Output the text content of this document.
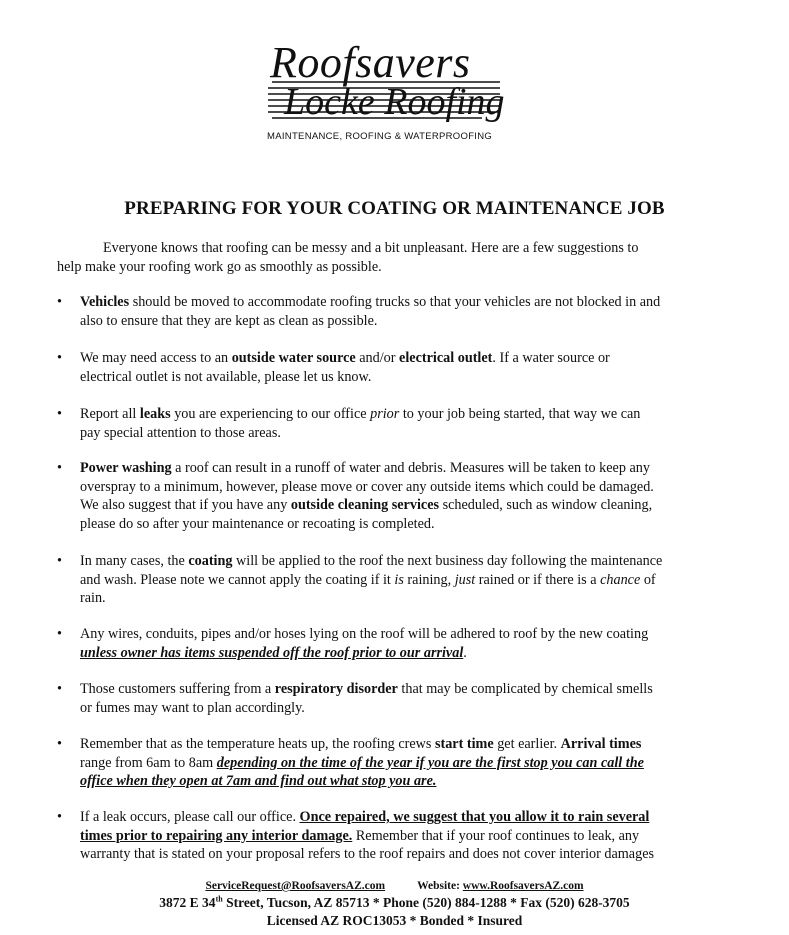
Roofsavers
Locke Roofing
MAINTENANCE, ROOFING & WATERPROOFING
PREPARING FOR YOUR COATING OR MAINTENANCE JOB
Everyone knows that roofing can be messy and a bit unpleasant. Here are a few suggestions to
help make your roofing work go as smoothly as possible.
•	Vehicles should be moved to accommodate roofing trucks so that your vehicles are not blocked in and
also to ensure that they are kept as clean as possible.
•	We may need access to an outside water source and/or electrical outlet. If a water source or
electrical outlet is not available, please let us know.
•	Report all leaks you are experiencing to our office prior to your job being started, that way we can
pay special attention to those areas.
•	Power washing a roof can result in a runoff of water and debris. Measures will be taken to keep any
overspray to a minimum, however, please move or cover any outside items which could be damaged.
We also suggest that if you have any outside cleaning services scheduled, such as window cleaning,
please do so after your maintenance or recoating is completed.
•	In many cases, the coating will be applied to the roof the next business day following the maintenance
and wash. Please note we cannot apply the coating if it is raining, just rained or if there is a chance of
rain.
•	Any wires, conduits, pipes and/or hoses lying on the roof will be adhered to roof by the new coating
unless owner has items suspended off the roof prior to our arrival.
•	Those customers suffering from a respiratory disorder that may be complicated by chemical smells
or fumes may want to plan accordingly.
•	Remember that as the temperature heats up, the roofing crews start time get earlier. Arrival times
range from 6am to 8am depending on the time of the year if you are the first stop you can call the
office when they open at 7am and find out what stop you are.
•	If a leak occurs, please call our office. Once repaired, we suggest that you allow it to rain several
times prior to repairing any interior damage. Remember that if your roof continues to leak, any
warranty that is stated on your proposal refers to the roof repairs and does not cover interior damages
ServiceRequest@RoofsaversAZ.com	Website: www.RoofsaversAZ.com
3872 E 34th Street, Tucson, AZ 85713 * Phone (520) 884-1288 * Fax (520) 628-3705
Licensed AZ ROC13053 * Bonded * Insured
